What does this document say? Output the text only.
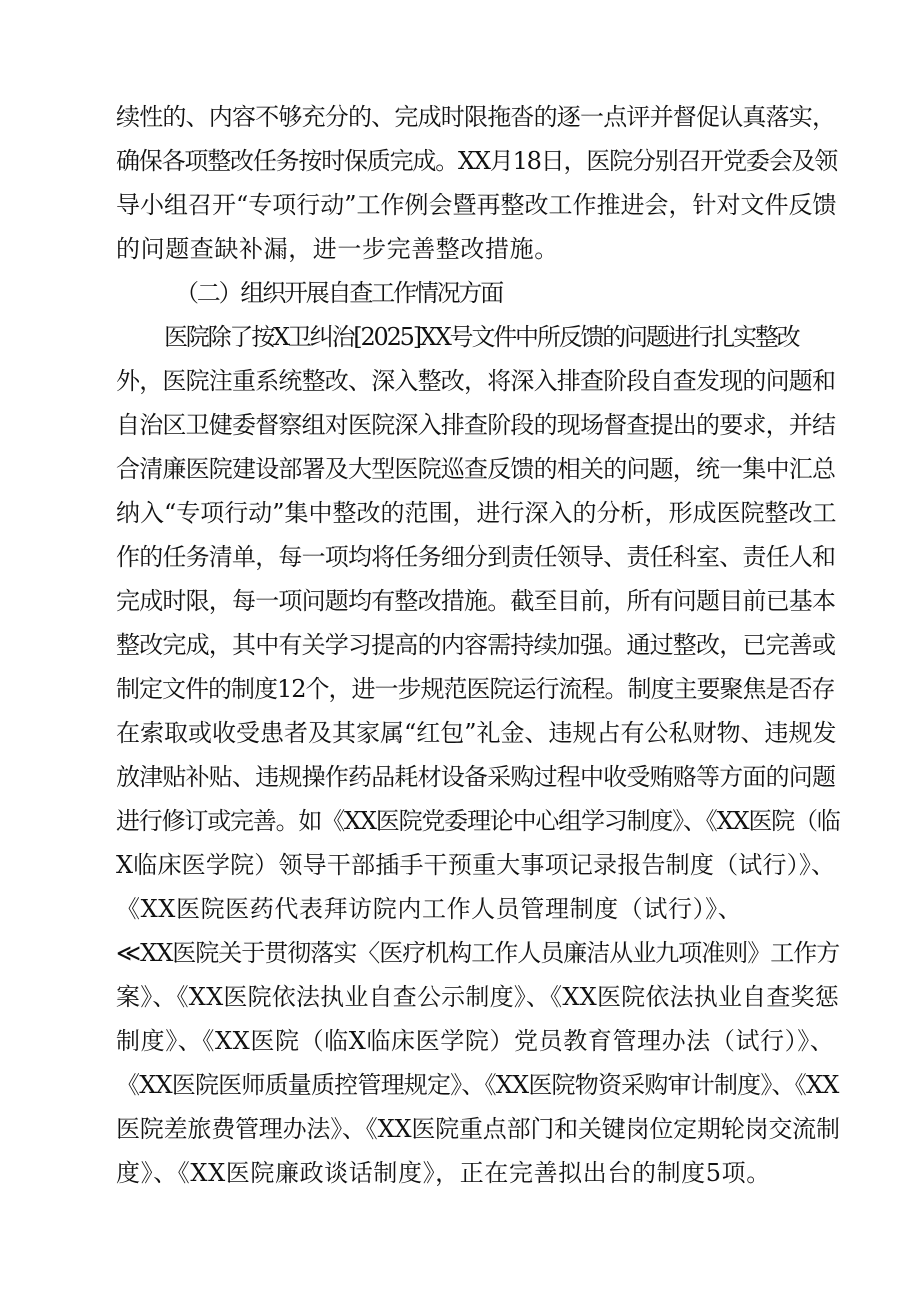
续性的、内容不够充分的、完成时限拖沓的逐一点评并督促认真落实，
确保各项整改任务按时保质完成。XX月18日，医院分别召开党委会及领
导小组召开“专项行动”工作例会暨再整改工作推进会，针对文件反馈
的问题查缺补漏，进一步完善整改措施。
（二）组织开展自查工作情况方面
医院除了按X卫纠治[2025]XX号文件中所反馈的问题进行扎实整改
外，医院注重系统整改、深入整改，将深入排查阶段自查发现的问题和
自治区卫健委督察组对医院深入排查阶段的现场督查提出的要求，并结
合清廉医院建设部署及大型医院巡查反馈的相关的问题，统一集中汇总
纳入“专项行动”集中整改的范围，进行深入的分析，形成医院整改工
作的任务清单，每一项均将任务细分到责任领导、责任科室、责任人和
完成时限，每一项问题均有整改措施。截至目前，所有问题目前已基本
整改完成，其中有关学习提高的内容需持续加强。通过整改，已完善或
制定文件的制度12个，进一步规范医院运行流程。制度主要聚焦是否存
在索取或收受患者及其家属“红包”礼金、违规占有公私财物、违规发
放津贴补贴、违规操作药品耗材设备采购过程中收受贿赂等方面的问题
进行修订或完善。如《XX医院党委理论中心组学习制度》、《XX医院（临
X临床医学院）领导干部插手干预重大事项记录报告制度（试行）》、
《XX医院医药代表拜访院内工作人员管理制度（试行）》、
≪XX医院关于贯彻落实〈医疗机构工作人员廉洁从业九项准则》工作方
案》、《XX医院依法执业自查公示制度》、《XX医院依法执业自查奖惩
制度》、《XX医院（临X临床医学院）党员教育管理办法（试行）》、
《XX医院医师质量质控管理规定》、《XX医院物资采购审计制度》、《XX
医院差旅费管理办法》、《XX医院重点部门和关键岗位定期轮岗交流制
度》、《XX医院廉政谈话制度》，正在完善拟出台的制度5项。
